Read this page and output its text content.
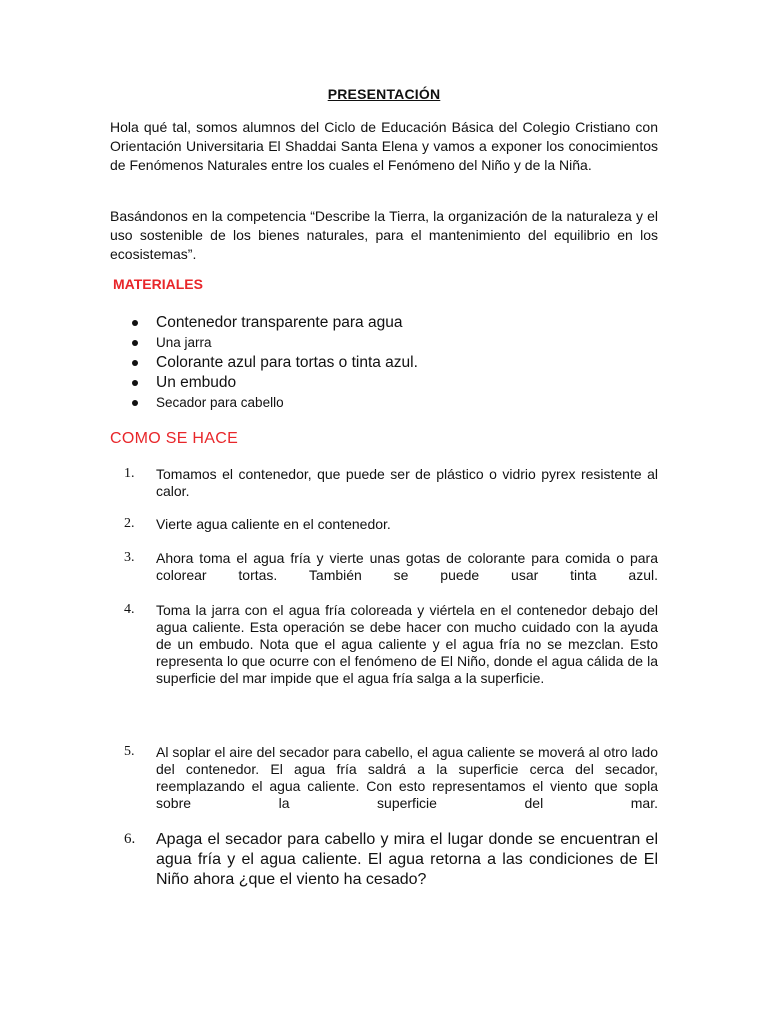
PRESENTACIÓN
Hola qué tal, somos alumnos del Ciclo de Educación Básica del Colegio Cristiano con Orientación Universitaria El Shaddai Santa Elena y vamos a exponer los conocimientos de Fenómenos Naturales entre los cuales el Fenómeno del Niño y de la Niña.
Basándonos en la competencia “Describe la Tierra, la organización de la naturaleza y el uso sostenible de los bienes naturales, para el mantenimiento del equilibrio en los ecosistemas”.
MATERIALES
Contenedor transparente para agua
Una jarra
Colorante azul para tortas o tinta azul.
Un embudo
Secador para cabello
COMO SE HACE
1.	Tomamos el contenedor, que puede ser de plástico o vidrio pyrex resistente al calor.
2.	Vierte agua caliente en el contenedor.
3.	Ahora toma el agua fría y vierte unas gotas de colorante para comida o para colorear tortas. También se puede usar tinta azul.
4.	Toma la jarra con el agua fría coloreada y viértela en el contenedor debajo del agua caliente. Esta operación se debe hacer con mucho cuidado con la ayuda de un embudo. Nota que el agua caliente y el agua fría no se mezclan. Esto representa lo que ocurre con el fenómeno de El Niño, donde el agua cálida de la superficie del mar impide que el agua fría salga a la superficie.
5.	Al soplar el aire del secador para cabello, el agua caliente se moverá al otro lado del contenedor. El agua fría saldrá a la superficie cerca del secador, reemplazando el agua caliente. Con esto representamos el viento que sopla sobre la superficie del mar.
6.	Apaga el secador para cabello y mira el lugar donde se encuentran el agua fría y el agua caliente. El agua retorna a las condiciones de El Niño ahora ¿que el viento ha cesado?
